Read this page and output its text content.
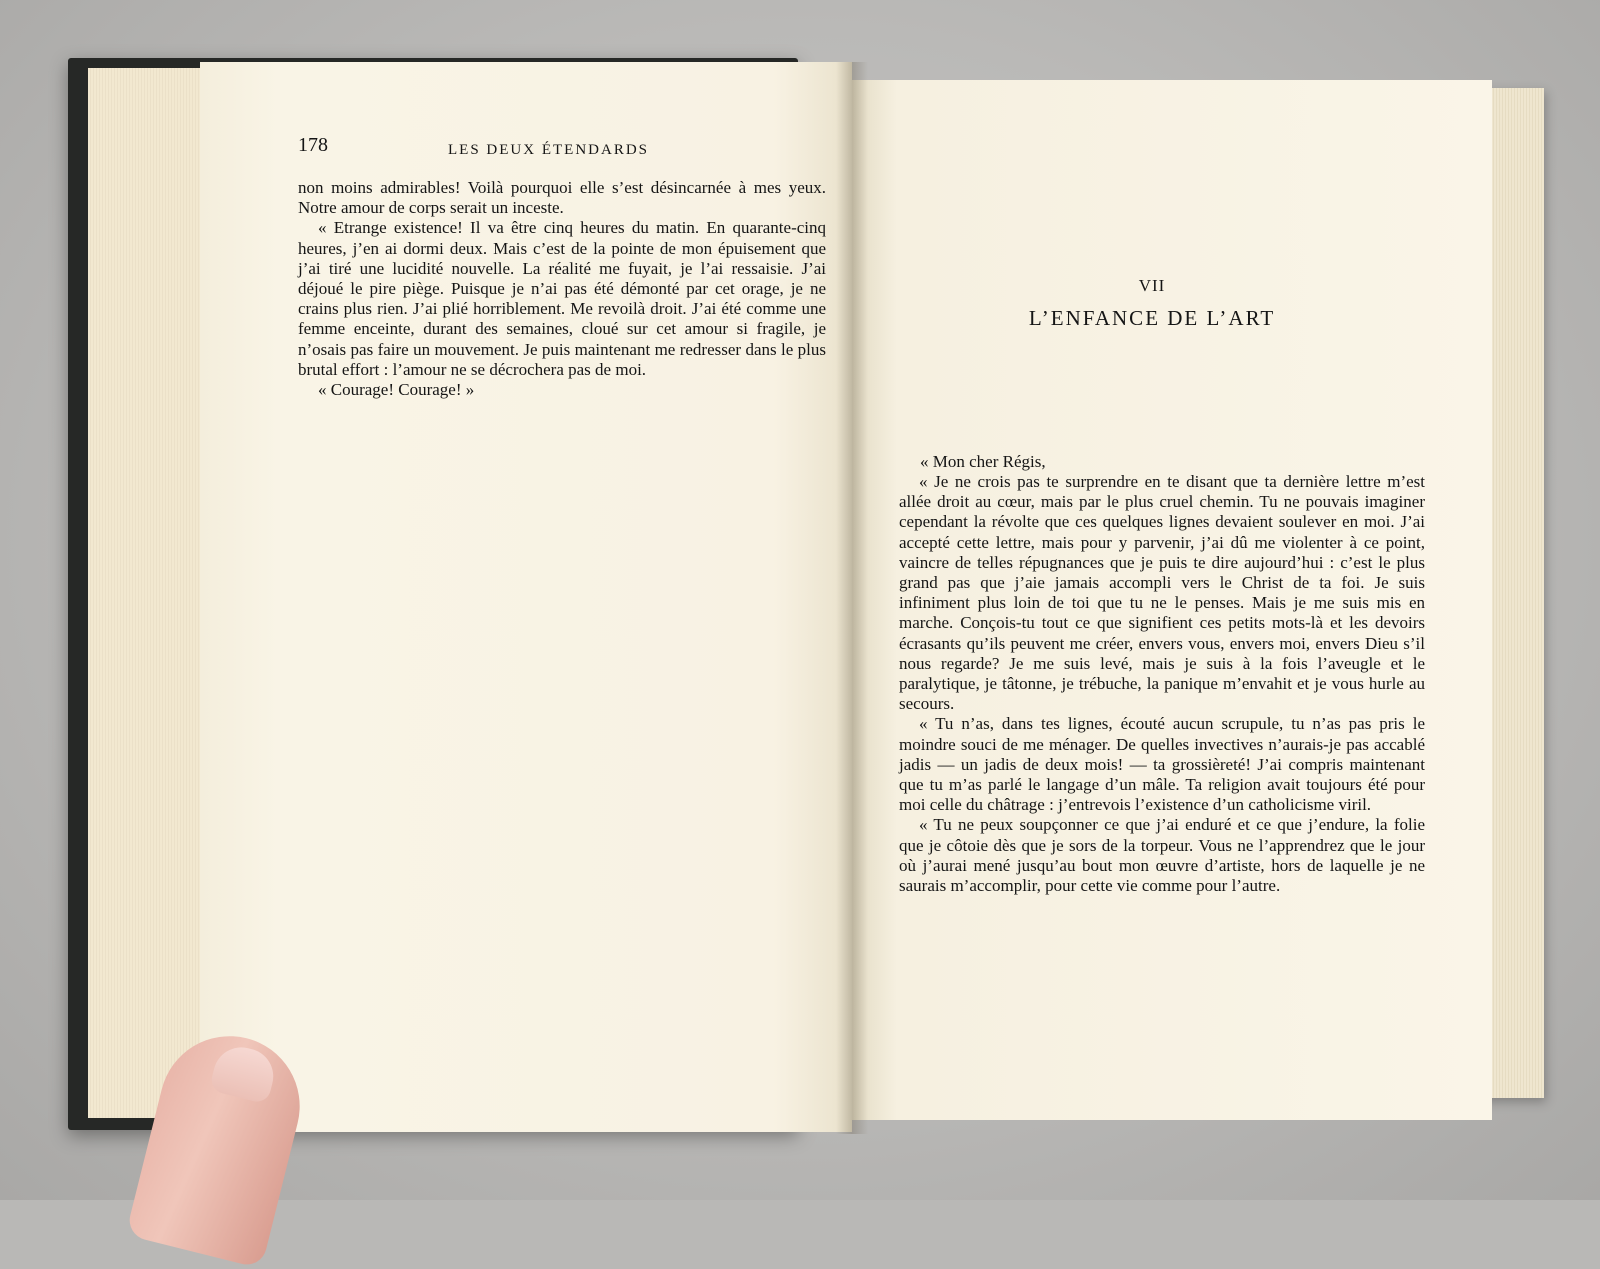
178	LES DEUX ÉTENDARDS

non moins admirables! Voilà pourquoi elle s’est désincarnée à mes yeux. Notre amour de corps serait un inceste.

« Etrange existence! Il va être cinq heures du matin. En quarante-cinq heures, j’en ai dormi deux. Mais c’est de la pointe de mon épuisement que j’ai tiré une lucidité nouvelle. La réalité me fuyait, je l’ai ressaisie. J’ai déjoué le pire piège. Puisque je n’ai pas été démonté par cet orage, je ne crains plus rien. J’ai plié horriblement. Me revoilà droit. J’ai été comme une femme enceinte, durant des semaines, cloué sur cet amour si fragile, je n’osais pas faire un mouvement. Je puis maintenant me redresser dans le plus brutal effort : l’amour ne se décrochera pas de moi.

« Courage! Courage! »

VII
L’ENFANCE DE L’ART
« Mon cher Régis,

« Je ne crois pas te surprendre en te disant que ta dernière lettre m’est allée droit au cœur, mais par le plus cruel chemin. Tu ne pouvais imaginer cependant la révolte que ces quelques lignes devaient soulever en moi. J’ai accepté cette lettre, mais pour y parvenir, j’ai dû me violenter à ce point, vaincre de telles répugnances que je puis te dire aujourd’hui : c’est le plus grand pas que j’aie jamais accompli vers le Christ de ta foi. Je suis infiniment plus loin de toi que tu ne le penses. Mais je me suis mis en marche. Conçois-tu tout ce que signifient ces petits mots-là et les devoirs écrasants qu’ils peuvent me créer, envers vous, envers moi, envers Dieu s’il nous regarde? Je me suis levé, mais je suis à la fois l’aveugle et le paralytique, je tâtonne, je trébuche, la panique m’envahit et je vous hurle au secours.

« Tu n’as, dans tes lignes, écouté aucun scrupule, tu n’as pas pris le moindre souci de me ménager. De quelles invectives n’aurais-je pas accablé jadis — un jadis de deux mois! — ta grossièreté! J’ai compris maintenant que tu m’as parlé le langage d’un mâle. Ta religion avait toujours été pour moi celle du châtrage : j’entrevois l’existence d’un catholicisme viril.

« Tu ne peux soupçonner ce que j’ai enduré et ce que j’endure, la folie que je côtoie dès que je sors de la torpeur. Vous ne l’apprendrez que le jour où j’aurai mené jusqu’au bout mon œuvre d’artiste, hors de laquelle je ne saurais m’accomplir, pour cette vie comme pour l’autre.
